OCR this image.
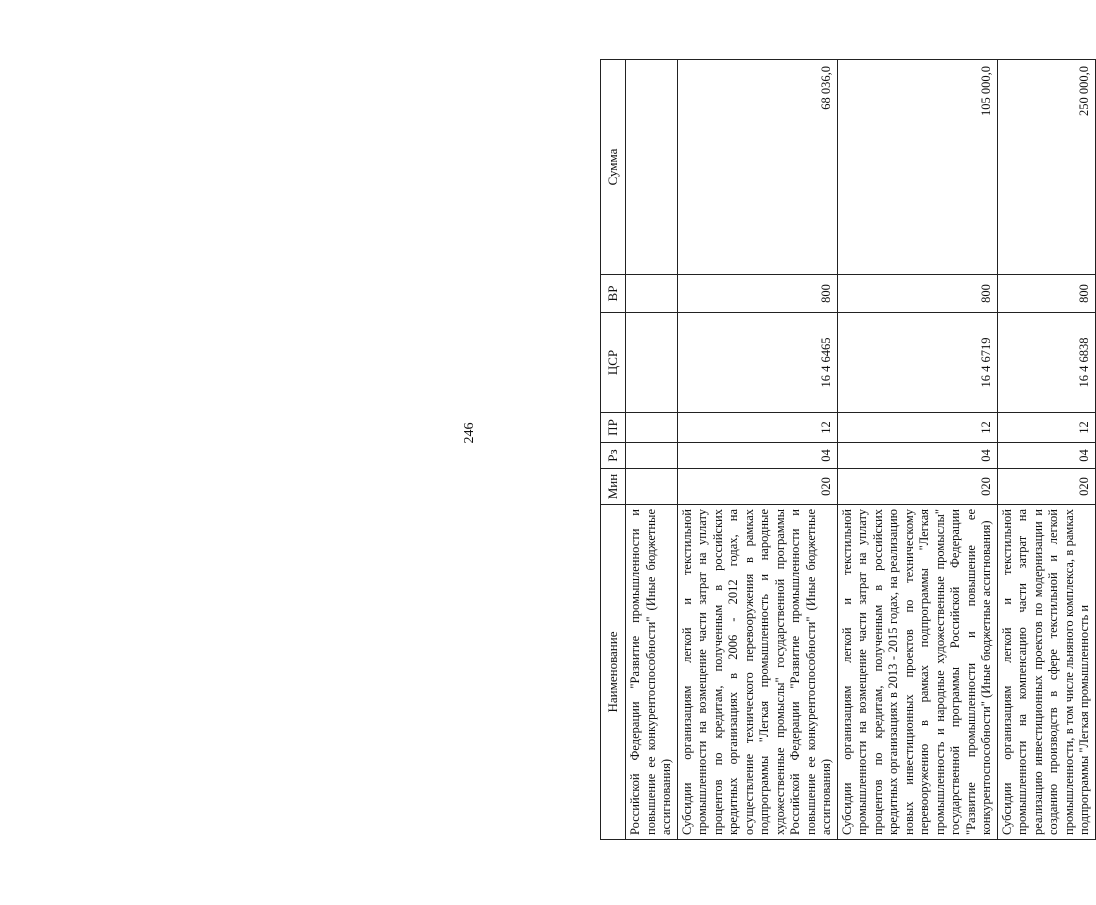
246
Наименование	Мин	Рз	ПР	ЦСР	ВР	Сумма
Российской Федерации "Развитие промышленности и повышение ее конкурентоспособности" (Иные бюджетные ассигнования)						
Субсидии организациям легкой и текстильной промышленности на возмещение части затрат на уплату процентов по кредитам, полученным в российских кредитных организациях в 2006 - 2012 годах, на осуществление технического перевооружения в рамках подпрограммы "Легкая промышленность и народные художественные промыслы" государственной программы Российской Федерации "Развитие промышленности и повышение ее конкурентоспособности" (Иные бюджетные ассигнования)	020	04	12	16 4 6465	800	68 036,0
Субсидии организациям легкой и текстильной промышленности на возмещение части затрат на уплату процентов по кредитам, полученным в российских кредитных организациях в 2013 - 2015 годах, на реализацию новых инвестиционных проектов по техническому перевооружению в рамках подпрограммы "Легкая промышленность и народные художественные промыслы" государственной программы Российской Федерации "Развитие промышленности и повышение ее конкурентоспособности" (Иные бюджетные ассигнования)	020	04	12	16 4 6719	800	105 000,0
Субсидии организациям легкой и текстильной промышленности на компенсацию части затрат на реализацию инвестиционных проектов по модернизации и созданию производств в сфере текстильной и легкой промышленности, в том числе льняного комплекса, в рамках подпрограммы "Легкая промышленность и	020	04	12	16 4 6838	800	250 000,0
